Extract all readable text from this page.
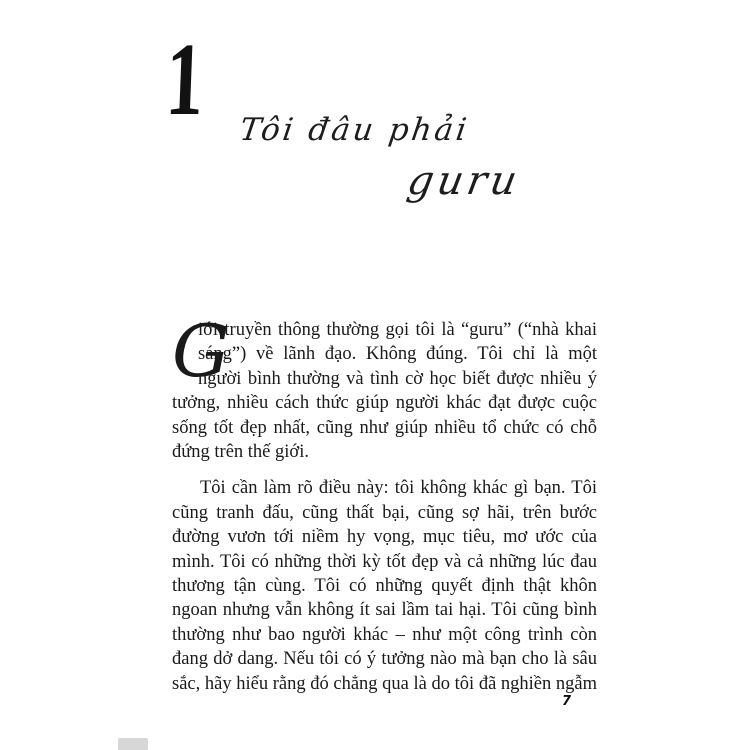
1 Tôi đâu phải
guru
G
iới truyền thông thường gọi tôi là “guru” (“nhà khai
sáng”) về lãnh đạo. Không đúng. Tôi chỉ là một
người bình thường và tình cờ học biết được nhiều ý
tưởng, nhiều cách thức giúp người khác đạt được cuộc
sống tốt đẹp nhất, cũng như giúp nhiều tổ chức có chỗ
đứng trên thế giới.
Tôi cần làm rõ điều này: tôi không khác gì bạn. Tôi
cũng tranh đấu, cũng thất bại, cũng sợ hãi, trên bước
đường vươn tới niềm hy vọng, mục tiêu, mơ ước của
mình. Tôi có những thời kỳ tốt đẹp và cả những lúc đau
thương tận cùng. Tôi có những quyết định thật khôn
ngoan nhưng vẫn không ít sai lầm tai hại. Tôi cũng bình
thường như bao người khác – như một công trình còn
đang dở dang. Nếu tôi có ý tưởng nào mà bạn cho là sâu
sắc, hãy hiểu rằng đó chẳng qua là do tôi đã nghiền ngẫm
7
